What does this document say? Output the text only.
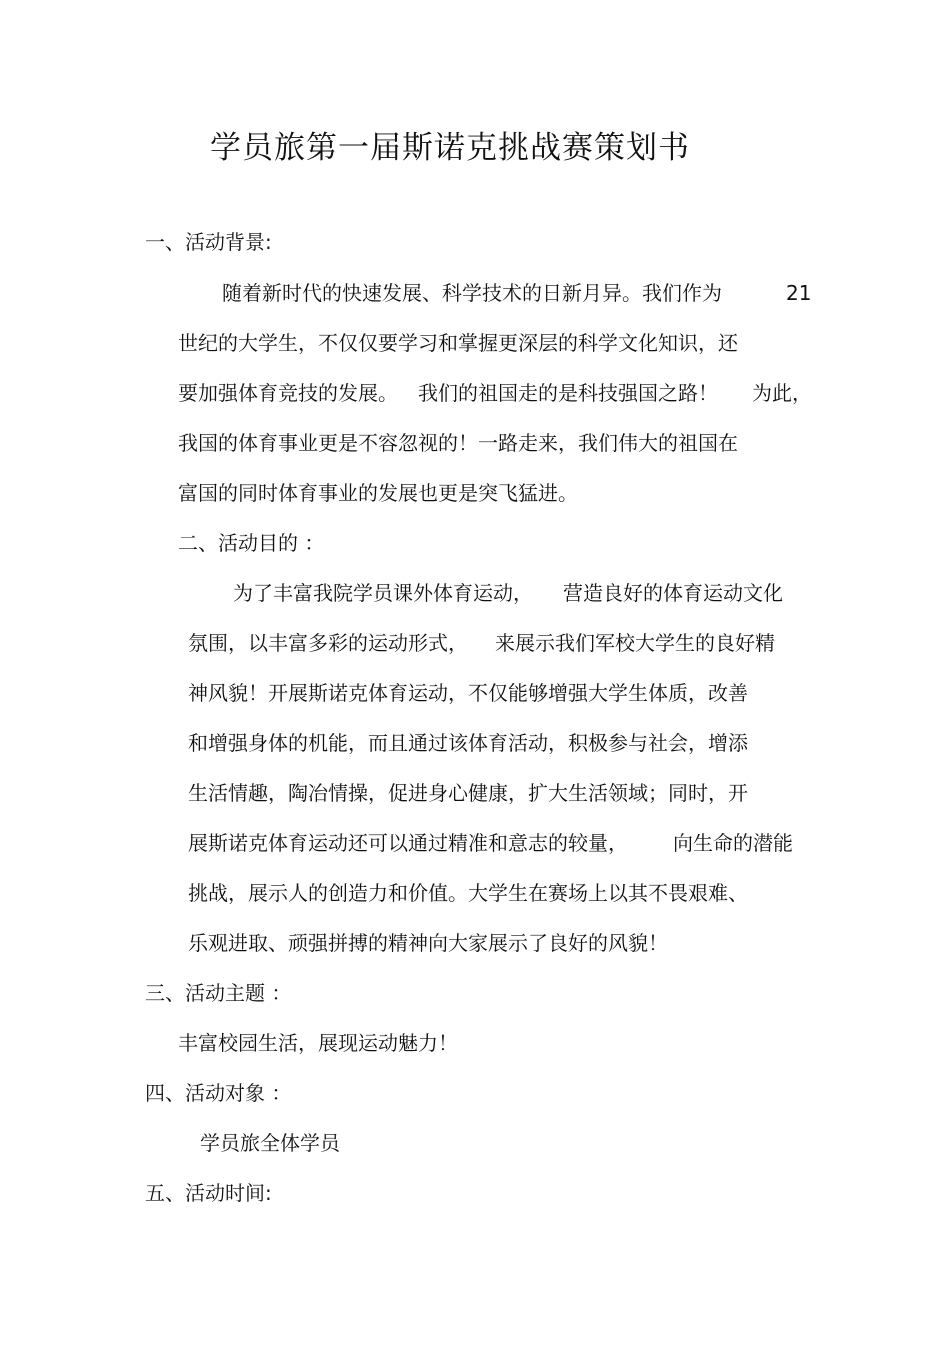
学员旅第一届斯诺克挑战赛策划书
一、活动背景:
随着新时代的快速发展、科学技术的日新月异。我们作为	21
世纪的大学生，不仅仅要学习和掌握更深层的科学文化知识，还
要加强体育竞技的发展。 我们的祖国走的是科技强国之路！ 为此，
我国的体育事业更是不容忽视的！一路走来，我们伟大的祖国在
富国的同时体育事业的发展也更是突飞猛进。
二、活动目的 ：
为了丰富我院学员课外体育运动， 营造良好的体育运动文化
氛围，以丰富多彩的运动形式， 来展示我们军校大学生的良好精
神风貌！开展斯诺克体育运动，不仅能够增强大学生体质，改善
和增强身体的机能，而且通过该体育活动，积极参与社会，增添
生活情趣，陶冶情操，促进身心健康，扩大生活领域；同时，开
展斯诺克体育运动还可以通过精准和意志的较量， 向生命的潜能
挑战，展示人的创造力和价值。大学生在赛场上以其不畏艰难、
乐观进取、顽强拼搏的精神向大家展示了良好的风貌！
三、活动主题 ：
丰富校园生活，展现运动魅力！
四、活动对象 ：
学员旅全体学员
五、活动时间:
